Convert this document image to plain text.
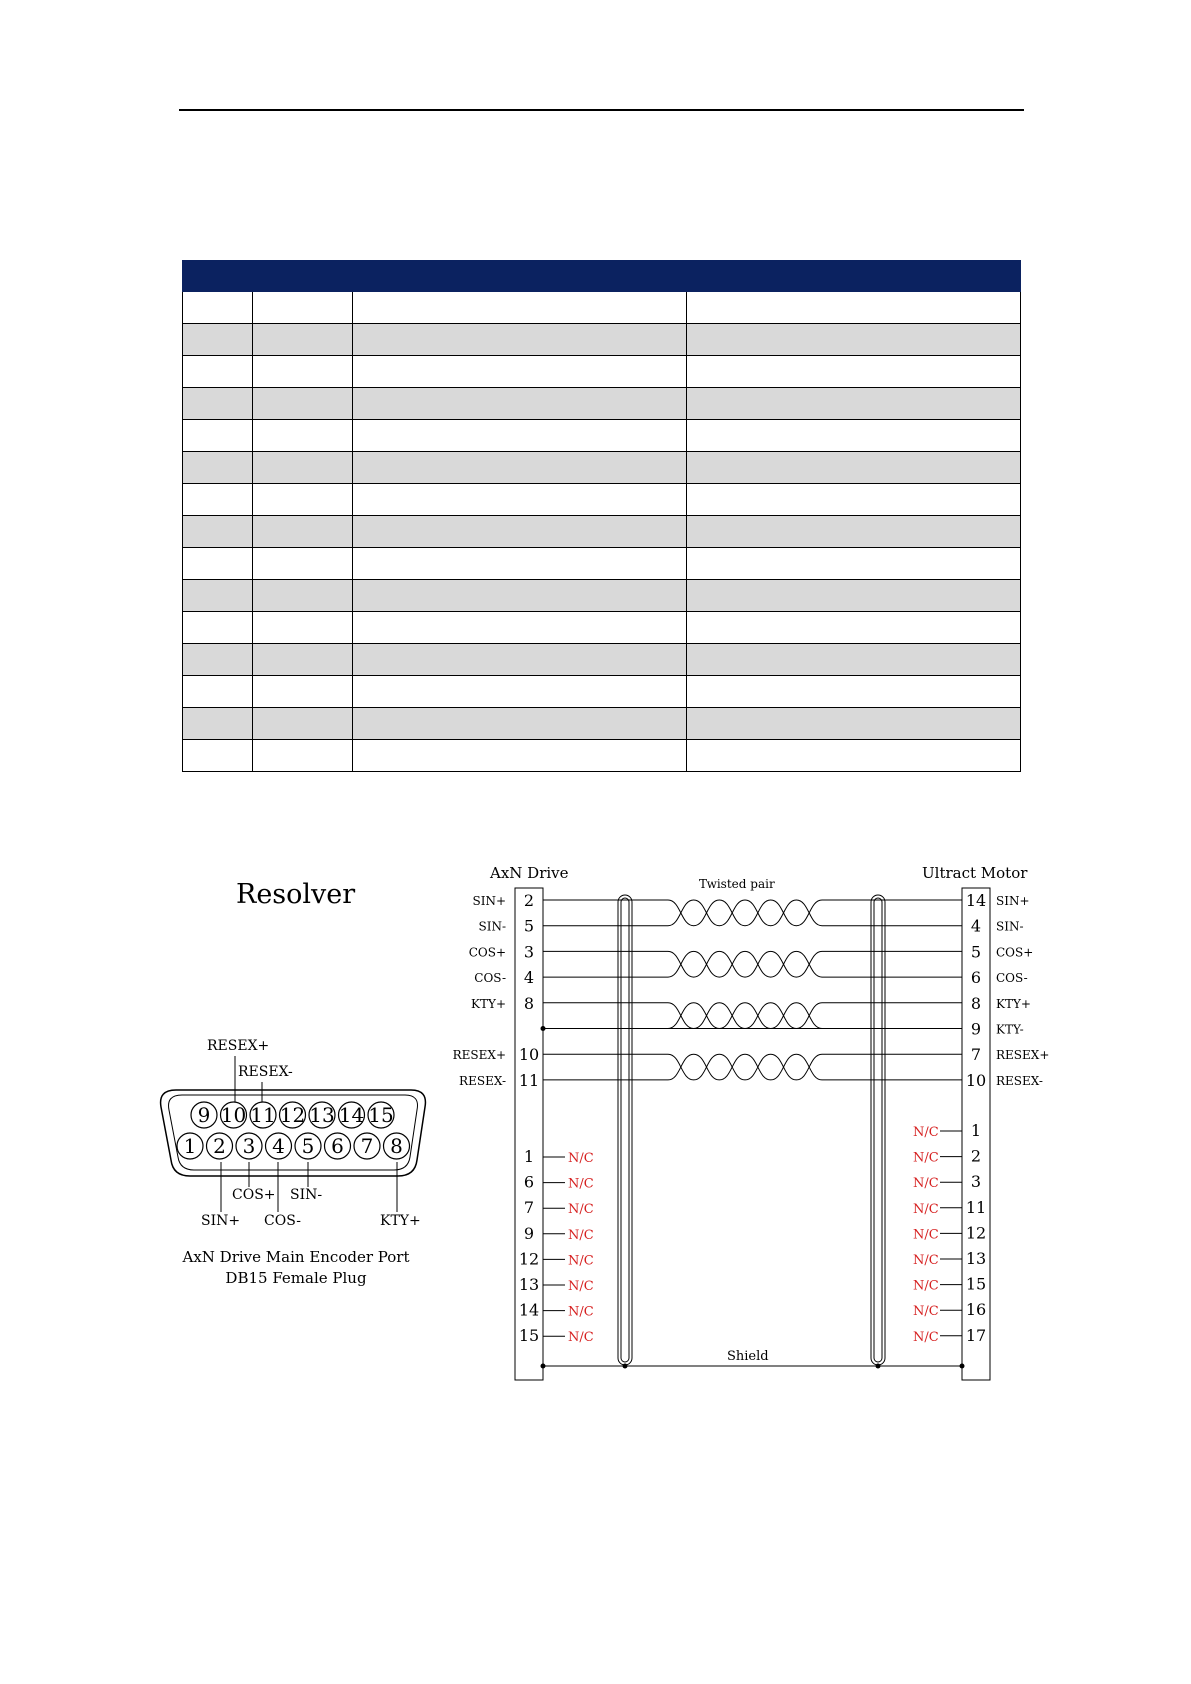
Resolver
RESEX+
RESEX-
9 10 11 12 13 14 15
1 2 3 4 5 6 7 8
COS+ SIN-
SIN+ COS-	KTY+
AxN Drive Main Encoder Port
DB15 Female Plug
AxN Drive	Ultract Motor
Twisted pair
Shield
SIN+ 2	14 SIN+
SIN- 5	4 SIN-
COS+ 3	5 COS+
COS- 4	6 COS-
KTY+ 8	8 KTY+
9 KTY-
RESEX+ 10	7 RESEX+
RESEX- 11	10 RESEX-
1	N/C
6	N/C
7	N/C
9	N/C
12 N/C
13 N/C
14 N/C
15 N/C
1
N/C
2
N/C
3
N/C
11
N/C
12
N/C
13
N/C
15
N/C
16
N/C
17
N/C
